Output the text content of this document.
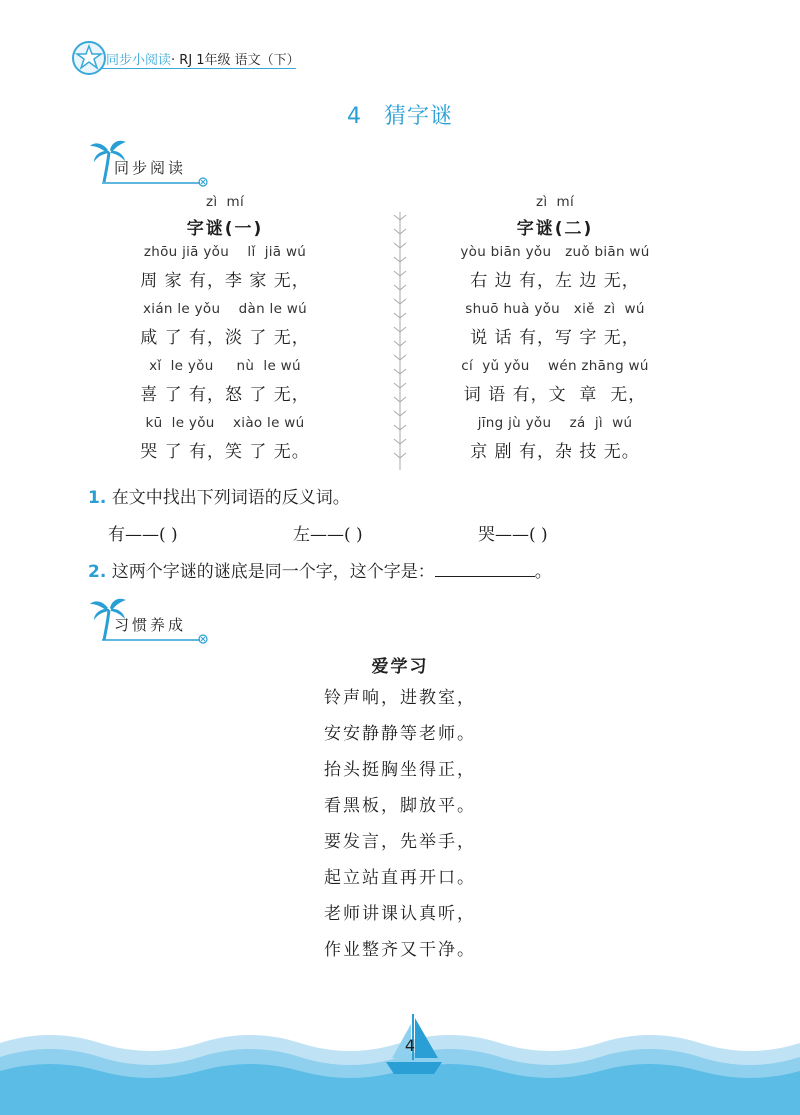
同步小阅读· RJ 1年级 语文（下）
4 猜字谜
同步阅读
zì  mí
字谜(一)
zhōu jiā yǒu    lǐ  jiā wú
周 家 有，李 家 无，
xián le yǒu    dàn le wú
咸 了 有，淡 了 无，
xǐ  le yǒu     nù  le wú
喜 了 有，怒 了 无，
kū  le yǒu    xiào le wú
哭 了 有，笑 了 无。
zì  mí
字谜(二)
yòu biān yǒu   zuǒ biān wú
右 边 有，左 边 无，
shuō huà yǒu   xiě  zì  wú
说 话 有，写 字 无，
cí  yǔ yǒu    wén zhāng wú
词 语 有，文  章  无，
jīng jù yǒu    zá  jì  wú
京 剧 有，杂 技 无。
1. 在文中找出下列词语的反义词。
有——( )	左——( )	哭——( )
2. 这两个字谜的谜底是同一个字，这个字是：	。
习惯养成
爱学习
铃声响，进教室，
安安静静等老师。
抬头挺胸坐得正，
看黑板，脚放平。
要发言，先举手，
起立站直再开口。
老师讲课认真听，
作业整齐又干净。
4
